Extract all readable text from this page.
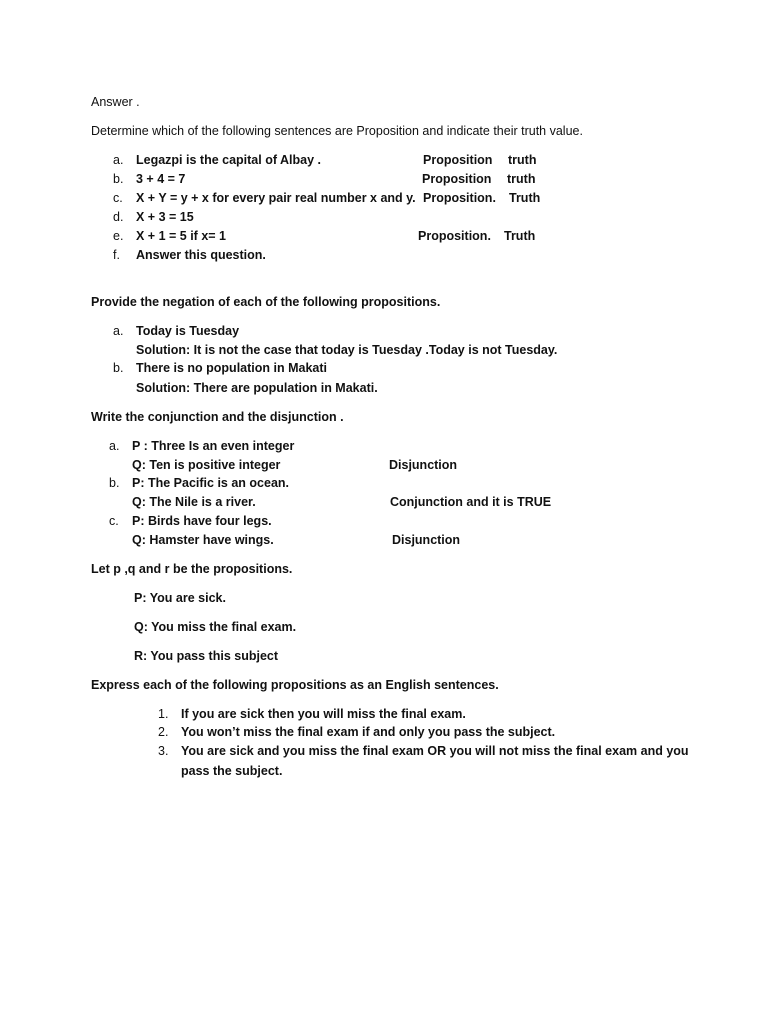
Answer .
Determine which of the following sentences are Proposition and indicate their truth value.
a. Legazpi is the capital of Albay .	Proposition truth
b. 3 + 4 = 7	Proposition truth
c. X + Y = y + x for every pair real number x and y. Proposition. Truth
d. X + 3 = 15
e. X + 1 = 5 if x= 1	Proposition. Truth
f. Answer this question.
Provide the negation of each of the following propositions.
a. Today is Tuesday
Solution: It is not the case that today is Tuesday .Today is not Tuesday.
b. There is no population in Makati
Solution: There are population in Makati.
Write the conjunction and the disjunction .
a. P : Three Is an even integer
Q: Ten is positive integer	Disjunction
b. P: The Pacific is an ocean.
Q: The Nile is a river.	Conjunction and it is TRUE
c. P: Birds have four legs.
Q: Hamster have wings.	Disjunction
Let p ,q and r be the propositions.
P: You are sick.
Q: You miss the final exam.
R: You pass this subject
Express each of the following propositions as an English sentences.
1. If you are sick then you will miss the final exam.
2. You won’t miss the final exam if and only you pass the subject.
3. You are sick and you miss the final exam OR you will not miss the final exam and you
pass the subject.
